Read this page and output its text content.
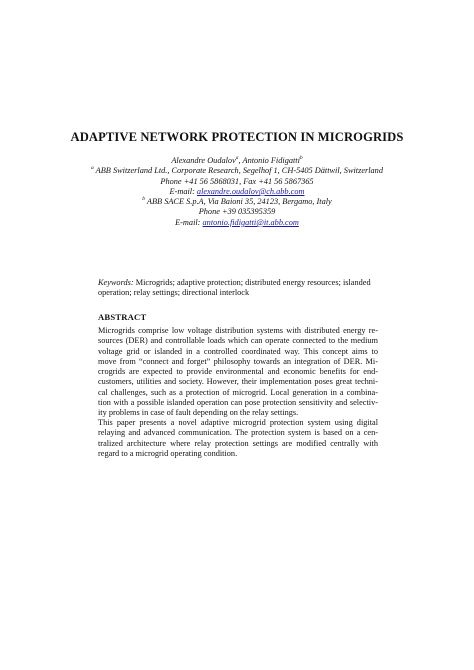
ADAPTIVE NETWORK PROTECTION IN MICROGRIDS
Alexandre Oudalov$^a$, Antonio Fidigatti$^b$
$^a$ ABB Switzerland Ltd., Corporate Research, Segelhof 1, CH-5405 Dättwil, Switzerland
Phone +41 56 5868031, Fax +41 56 5867365
E-mail: alexandre.oudalov@ch.abb.com
$^b$ ABB SACE S.p.A, Via Baioni 35, 24123, Bergamo, Italy
Phone +39 035395359
E-mail: antonio.fidigatti@it.abb.com
Keywords: Microgrids; adaptive protection; distributed energy resources; islanded
operation; relay settings; directional interlock
ABSTRACT
Microgrids comprise low voltage distribution systems with distributed energy re-
sources (DER) and controllable loads which can operate connected to the medium
voltage grid or islanded in a controlled coordinated way. This concept aims to
move from “connect and forget” philosophy towards an integration of DER. Mi-
crogrids are expected to provide environmental and economic benefits for end-
customers, utilities and society. However, their implementation poses great techni-
cal challenges, such as a protection of microgrid. Local generation in a combina-
tion with a possible islanded operation can pose protection sensitivity and selectiv-
ity problems in case of fault depending on the relay settings.
This paper presents a novel adaptive microgrid protection system using digital
relaying and advanced communication. The protection system is based on a cen-
tralized architecture where relay protection settings are modified centrally with
regard to a microgrid operating condition.
